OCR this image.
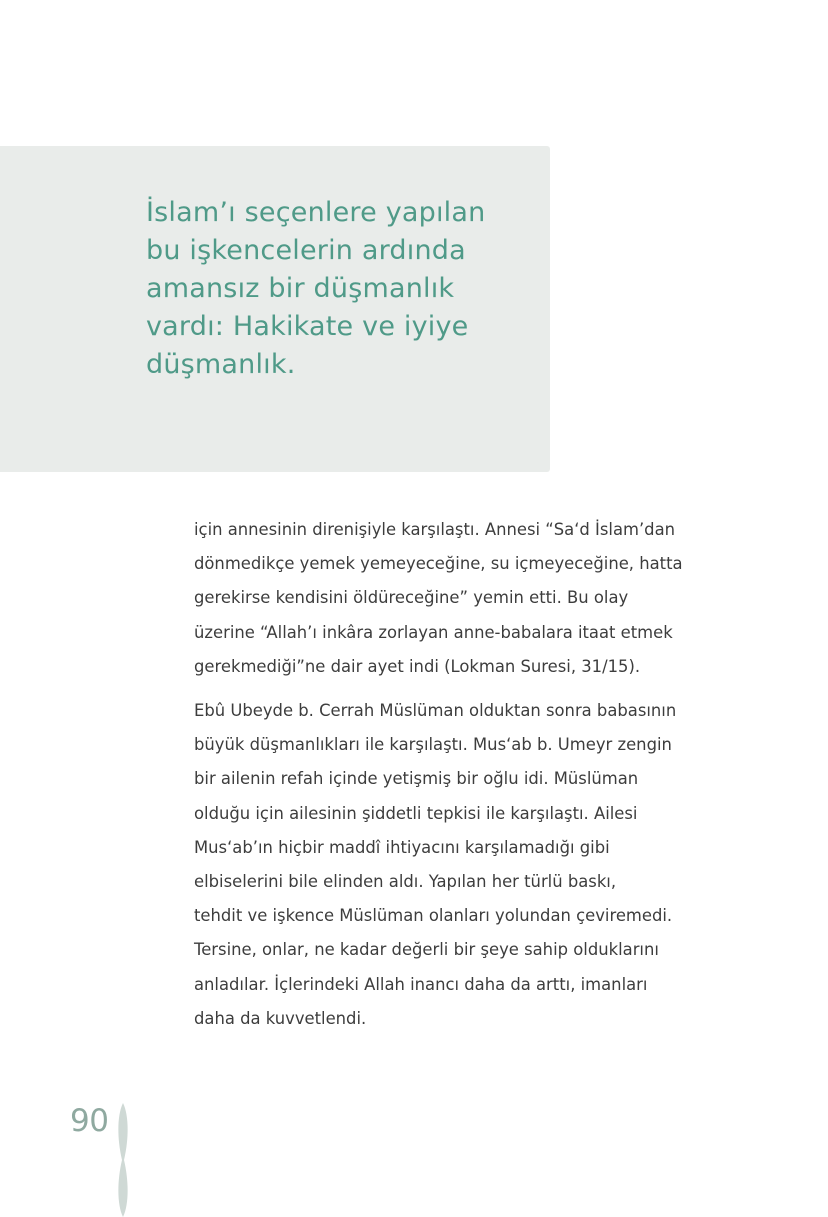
İslam’ı seçenlere yapılan
bu işkencelerin ardında
amansız bir düşmanlık
vardı: Hakikate ve iyiye
düşmanlık.

için annesinin direnişiyle karşılaştı. Annesi “Sa‘d İslam’dan
dönmedikçe yemek yemeyeceğine, su içmeyeceğine, hatta
gerekirse kendisini öldüreceğine” yemin etti. Bu olay
üzerine “Allah’ı inkâra zorlayan anne-babalara itaat etmek
gerekmediği”ne dair ayet indi (Lokman Suresi, 31/15).

Ebû Ubeyde b. Cerrah Müslüman olduktan sonra babasının
büyük düşmanlıkları ile karşılaştı. Mus‘ab b. Umeyr zengin
bir ailenin refah içinde yetişmiş bir oğlu idi. Müslüman
olduğu için ailesinin şiddetli tepkisi ile karşılaştı. Ailesi
Mus‘ab’ın hiçbir maddî ihtiyacını karşılamadığı gibi
elbiselerini bile elinden aldı. Yapılan her türlü baskı,
tehdit ve işkence Müslüman olanları yolundan çeviremedi.
Tersine, onlar, ne kadar değerli bir şeye sahip olduklarını
anladılar. İçlerindeki Allah inancı daha da arttı, imanları
daha da kuvvetlendi.

90
